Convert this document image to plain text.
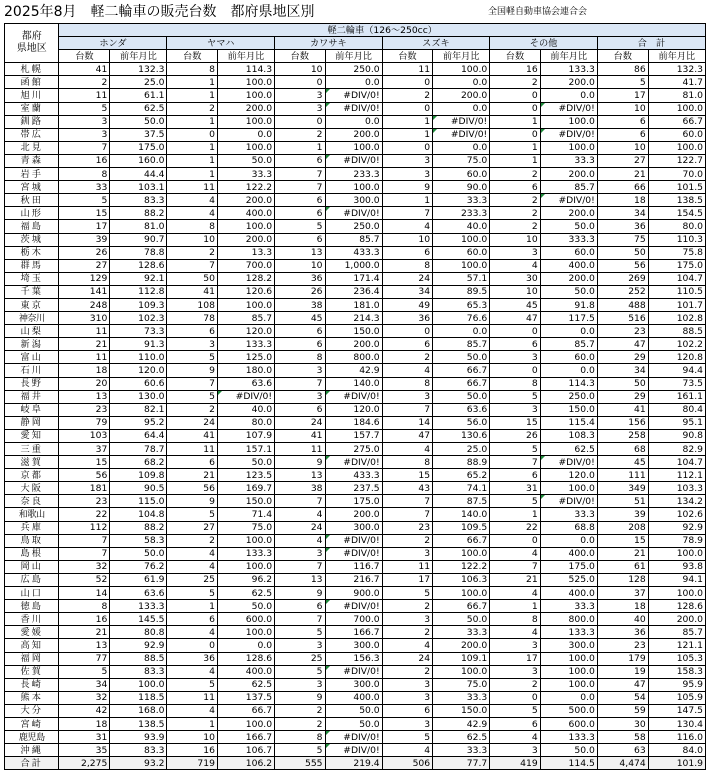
2025年8月　軽二輪車の販売台数　都府県地区別	全国軽自動車協会連合会
都府
県地区	軽二輪車（126～250cc）											
	ホンダ		ヤマハ		カワサキ		スズキ		その他		合　計	
	台数	前年月比	台数	前年月比	台数	前年月比	台数	前年月比	台数	前年月比	台数	前年月比
札幌	41	132.3	8	114.3	10	250.0	11	100.0	16	133.3	86	132.3
函館	2	25.0	1	100.0	0	0.0	0	0.0	2	200.0	5	41.7
旭川	11	61.1	1	100.0	3	#DIV/0!	2	200.0	0	0.0	17	81.0
室蘭	5	62.5	2	200.0	3	#DIV/0!	0	0.0	0	#DIV/0!	10	100.0
釧路	3	50.0	1	100.0	0	0.0	1	#DIV/0!	1	100.0	6	66.7
帯広	3	37.5	0	0.0	2	200.0	1	#DIV/0!	0	#DIV/0!	6	60.0
北見	7	175.0	1	100.0	1	100.0	0	0.0	1	100.0	10	100.0
青森	16	160.0	1	50.0	6	#DIV/0!	3	75.0	1	33.3	27	122.7
岩手	8	44.4	1	33.3	7	233.3	3	60.0	2	200.0	21	70.0
宮城	33	103.1	11	122.2	7	100.0	9	90.0	6	85.7	66	101.5
秋田	5	83.3	4	200.0	6	300.0	1	33.3	2	#DIV/0!	18	138.5
山形	15	88.2	4	400.0	6	#DIV/0!	7	233.3	2	200.0	34	154.5
福島	17	81.0	8	100.0	5	250.0	4	40.0	2	50.0	36	80.0
茨城	39	90.7	10	200.0	6	85.7	10	100.0	10	333.3	75	110.3
栃木	26	78.8	2	13.3	13	433.3	6	60.0	3	60.0	50	75.8
群馬	27	128.6	7	700.0	10	1,000.0	8	100.0	4	400.0	56	175.0
埼玉	129	92.1	50	128.2	36	171.4	24	57.1	30	200.0	269	104.7
千葉	141	112.8	41	120.6	26	236.4	34	89.5	10	50.0	252	110.5
東京	248	109.3	108	100.0	38	181.0	49	65.3	45	91.8	488	101.7
神奈川	310	102.3	78	85.7	45	214.3	36	76.6	47	117.5	516	102.8
山梨	11	73.3	6	120.0	6	150.0	0	0.0	0	0.0	23	88.5
新潟	21	91.3	3	133.3	6	200.0	6	85.7	6	85.7	47	102.2
富山	11	110.0	5	125.0	8	800.0	2	50.0	3	60.0	29	120.8
石川	18	120.0	9	180.0	3	42.9	4	66.7	0	0.0	34	94.4
長野	20	60.6	7	63.6	7	140.0	8	66.7	8	114.3	50	73.5
福井	13	130.0	5	#DIV/0!	3	#DIV/0!	3	50.0	5	250.0	29	161.1
岐阜	23	82.1	2	40.0	6	120.0	7	63.6	3	150.0	41	80.4
静岡	79	95.2	24	80.0	24	184.6	14	56.0	15	115.4	156	95.1
愛知	103	64.4	41	107.9	41	157.7	47	130.6	26	108.3	258	90.8
三重	37	78.7	11	157.1	11	275.0	4	25.0	5	62.5	68	82.9
滋賀	15	68.2	6	50.0	9	#DIV/0!	8	88.9	7	#DIV/0!	45	104.7
京都	56	109.8	21	123.5	13	433.3	15	65.2	6	120.0	111	112.1
大阪	181	90.5	56	169.7	38	237.5	43	74.1	31	100.0	349	103.3
奈良	23	115.0	9	150.0	7	175.0	7	87.5	5	#DIV/0!	51	134.2
和歌山	22	104.8	5	71.4	4	200.0	7	140.0	1	33.3	39	102.6
兵庫	112	88.2	27	75.0	24	300.0	23	109.5	22	68.8	208	92.9
鳥取	7	58.3	2	100.0	4	#DIV/0!	2	66.7	0	0.0	15	78.9
島根	7	50.0	4	133.3	3	#DIV/0!	3	100.0	4	400.0	21	100.0
岡山	32	76.2	4	100.0	7	116.7	11	122.2	7	175.0	61	93.8
広島	52	61.9	25	96.2	13	216.7	17	106.3	21	525.0	128	94.1
山口	14	63.6	5	62.5	9	900.0	5	100.0	4	400.0	37	100.0
徳島	8	133.3	1	50.0	6	#DIV/0!	2	66.7	1	33.3	18	128.6
香川	16	145.5	6	600.0	7	700.0	3	50.0	8	800.0	40	200.0
愛媛	21	80.8	4	100.0	5	166.7	2	33.3	4	133.3	36	85.7
高知	13	92.9	0	0.0	3	300.0	4	200.0	3	300.0	23	121.1
福岡	77	88.5	36	128.6	25	156.3	24	109.1	17	100.0	179	105.3
佐賀	5	83.3	4	400.0	5	#DIV/0!	2	100.0	3	100.0	19	158.3
長崎	34	100.0	5	62.5	3	300.0	3	75.0	2	100.0	47	95.9
熊本	32	118.5	11	137.5	9	400.0	3	33.3	0	0.0	54	105.9
大分	42	168.0	4	66.7	2	50.0	6	150.0	5	500.0	59	147.5
宮崎	18	138.5	1	100.0	2	50.0	3	42.9	6	600.0	30	130.4
鹿児島	31	93.9	10	166.7	8	#DIV/0!	5	62.5	4	133.3	58	116.0
沖縄	35	83.3	16	106.7	5	#DIV/0!	4	33.3	3	50.0	63	84.0
合計	2,275	93.2	719	106.2	555	219.4	506	77.7	419	114.5	4,474	101.9
